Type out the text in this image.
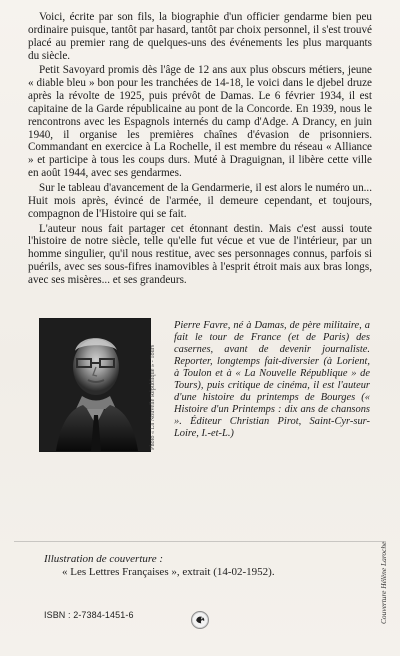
Voici, écrite par son fils, la biographie d'un officier gendarme bien peu ordinaire puisque, tantôt par hasard, tantôt par choix personnel, il s'est trouvé placé au premier rang de quelques-uns des événements les plus marquants du siècle.

Petit Savoyard promis dès l'âge de 12 ans aux plus obscurs métiers, jeune « diable bleu » bon pour les tranchées de 14-18, le voici dans le djebel druze après la révolte de 1925, puis prévôt de Damas. Le 6 février 1934, il est capitaine de la Garde républicaine au pont de la Concorde. En 1939, nous le rencontrons avec les Espagnols internés du camp d'Adge. A Drancy, en juin 1940, il organise les premières chaînes d'évasion de prisonniers. Commandant en exercice à La Rochelle, il est membre du réseau « Alliance » et participe à tous les coups durs. Muté à Draguignan, il libère cette ville en août 1944, avec ses gendarmes.

Sur le tableau d'avancement de la Gendarmerie, il est alors le numéro un... Huit mois après, évincé de l'armée, il demeure cependant, et toujours, compagnon de l'Histoire qui se fait.

L'auteur nous fait partager cet étonnant destin. Mais c'est aussi toute l'histoire de notre siècle, telle qu'elle fut vécue et vue de l'intérieur, par un homme singulier, qu'il nous restitue, avec ses personnages connus, parfois si puérils, avec ses sous-fifres inamovibles à l'esprit étroit mais aux bras longs, avec ses misères... et ses grandeurs.

Photo « La Nouvelle République » - Tours
Pierre Favre, né à Damas, de père militaire, a fait le tour de France (et de Paris) des casernes, avant de devenir journaliste. Reporter, longtemps fait-diversier (à Lorient, à Toulon et à « La Nouvelle République » de Tours), puis critique de cinéma, il est l'auteur d'une histoire du printemps de Bourges (« Histoire d'un Printemps : dix ans de chansons ». Éditeur Christian Pirot, Saint-Cyr-sur-Loire, I.-et-L.)
Couverture Hélène Laroche
Illustration de couverture :
« Les Lettres Françaises », extrait (14-02-1952).
ISBN : 2-7384-1451-6
